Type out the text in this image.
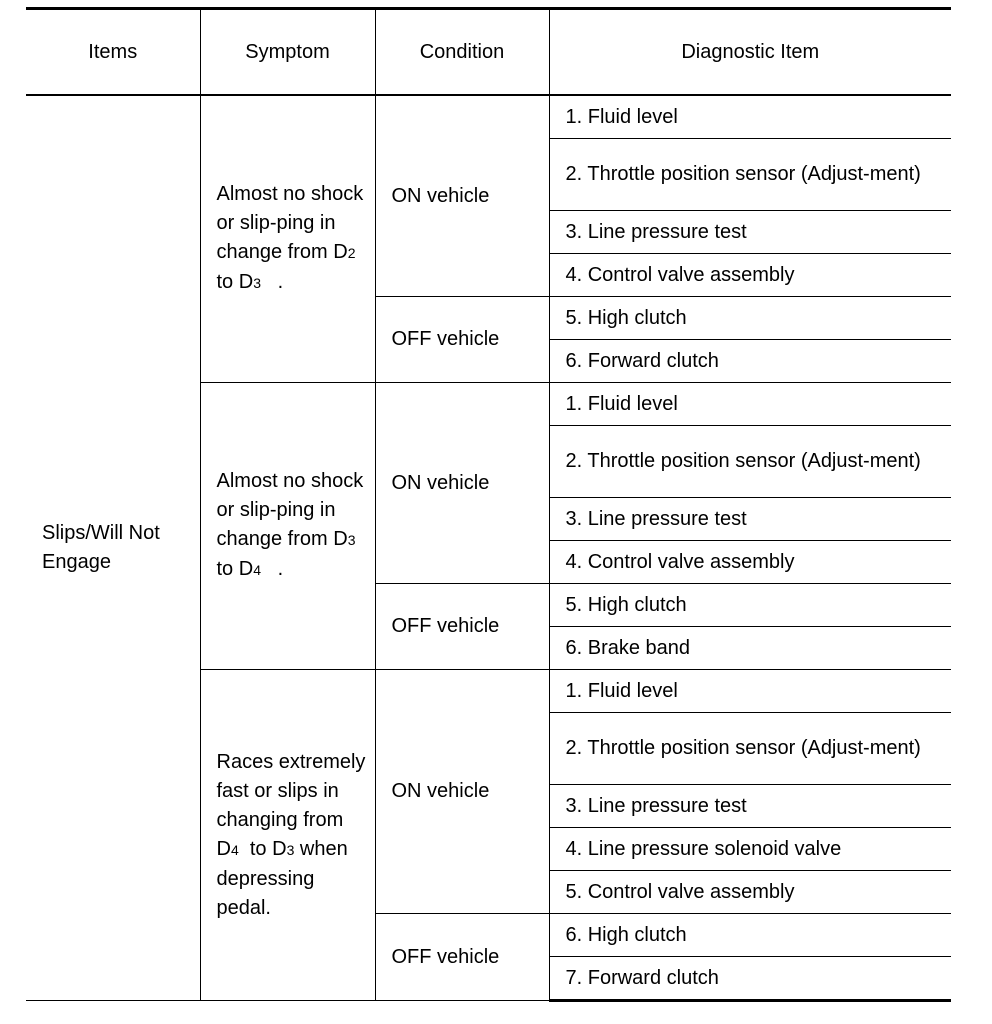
Items	Symptom	Condition	Diagnostic Item
Slips/Will Not Engage	Almost no shock or slip-ping in change from D2  to D3   .	ON vehicle	1. Fluid level
			2. Throttle position sensor (Adjust-ment)
			3. Line pressure test
			4. Control valve assembly
		OFF vehicle	5. High clutch
			6. Forward clutch
	Almost no shock or slip-ping in change from D3  to D4   .	ON vehicle	1. Fluid level
			2. Throttle position sensor (Adjust-ment)
			3. Line pressure test
			4. Control valve assembly
		OFF vehicle	5. High clutch
			6. Brake band
	Races extremely fast or slips in changing from D4  to D3 when depressing pedal.	ON vehicle	1. Fluid level
			2. Throttle position sensor (Adjust-ment)
			3. Line pressure test
			4. Line pressure solenoid valve
			5. Control valve assembly
		OFF vehicle	6. High clutch
			7. Forward clutch
